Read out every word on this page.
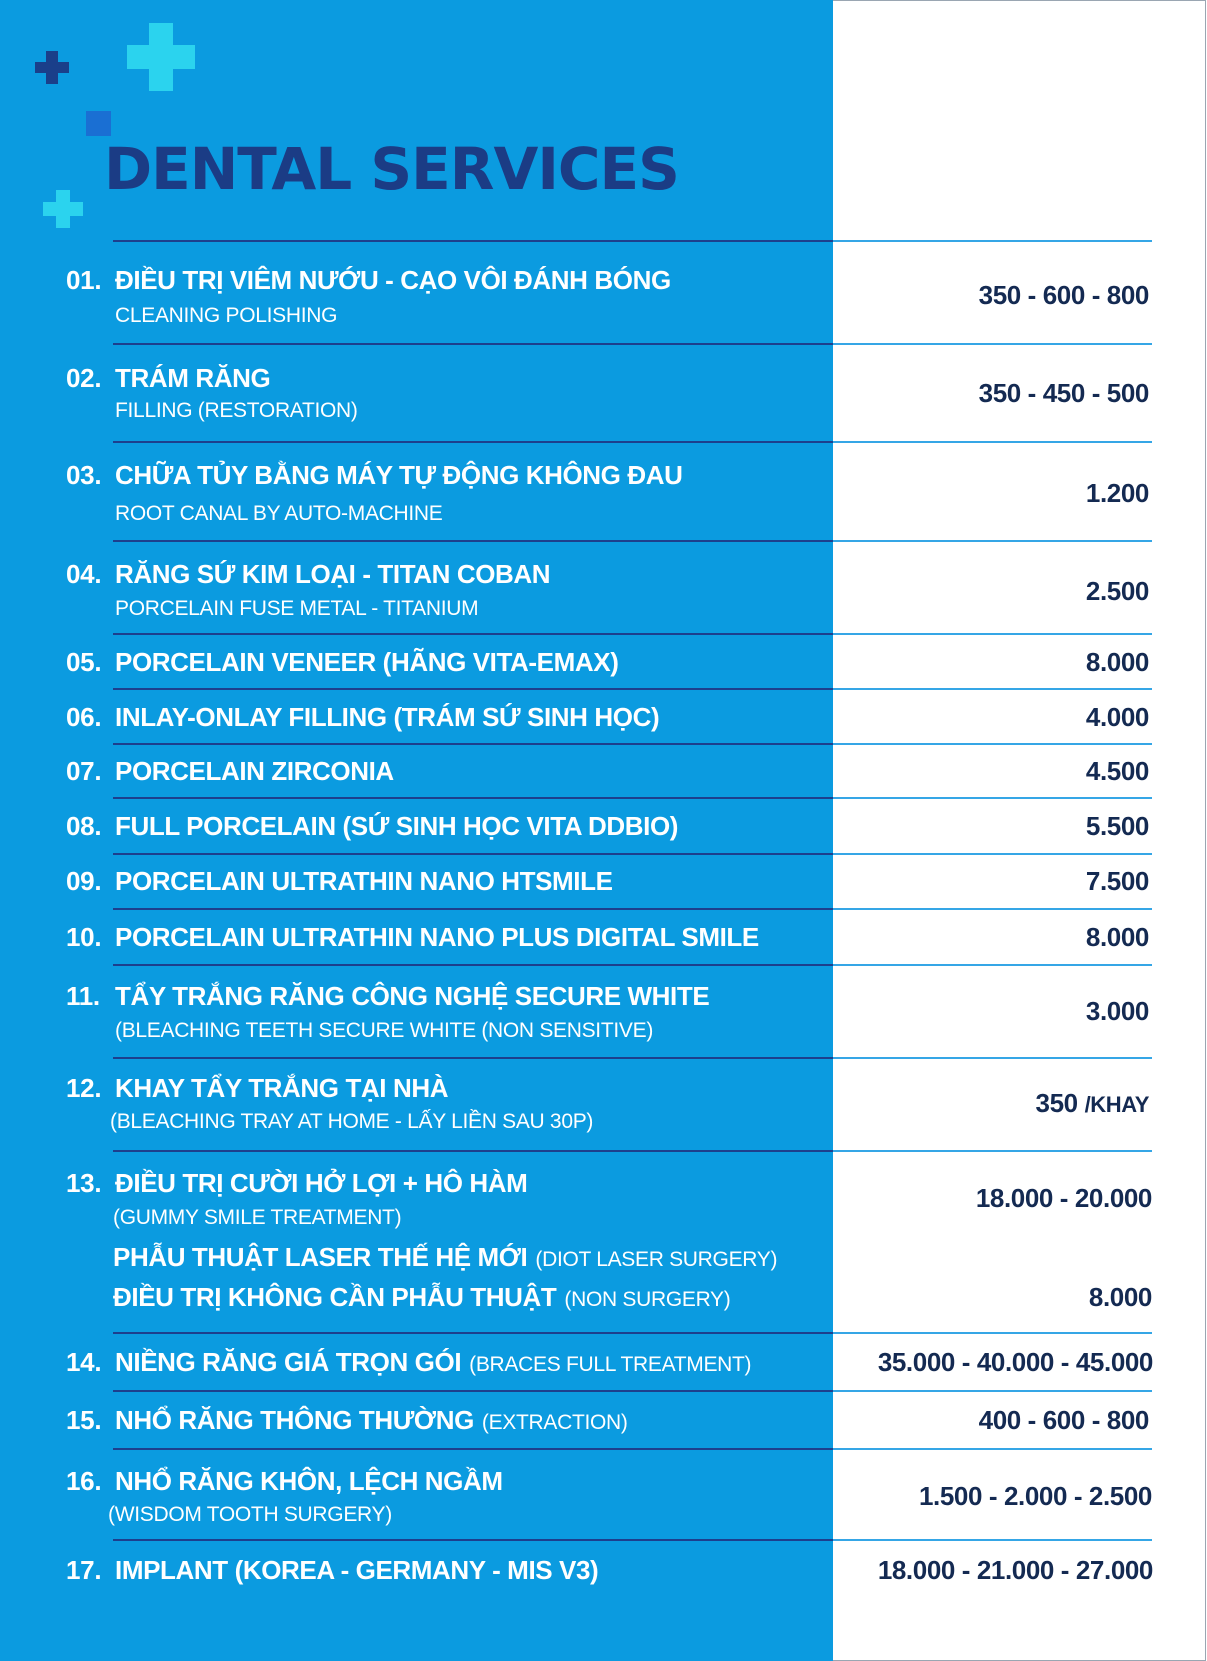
DENTAL SERVICES
01. ĐIỀU TRỊ VIÊM NƯỚU - CẠO VÔI ĐÁNH BÓNG
CLEANING POLISHING
350 - 600 - 800
02. TRÁM RĂNG
FILLING (RESTORATION)
350 - 450 - 500
03. CHỮA TỦY BẰNG MÁY TỰ ĐỘNG KHÔNG ĐAU
ROOT CANAL BY AUTO-MACHINE
1.200
04. RĂNG SỨ KIM LOẠI - TITAN COBAN
PORCELAIN FUSE METAL - TITANIUM
2.500
05. PORCELAIN VENEER (HÃNG VITA-EMAX)	8.000
06. INLAY-ONLAY FILLING (TRÁM SỨ SINH HỌC)	4.000
07. PORCELAIN ZIRCONIA	4.500
08. FULL PORCELAIN (SỨ SINH HỌC VITA DDBIO)	5.500
09. PORCELAIN ULTRATHIN NANO HTSMILE	7.500
10. PORCELAIN ULTRATHIN NANO PLUS DIGITAL SMILE	8.000
11. TẨY TRẮNG RĂNG CÔNG NGHỆ SECURE WHITE
(BLEACHING TEETH SECURE WHITE (NON SENSITIVE)
3.000
12. KHAY TẨY TRẮNG TẠI NHÀ
(BLEACHING TRAY AT HOME - LẤY LIỀN SAU 30P)
350 /KHAY
13. ĐIỀU TRỊ CƯỜI HỞ LỢI + HÔ HÀM
(GUMMY SMILE TREATMENT)
18.000 - 20.000
PHẪU THUẬT LASER THẾ HỆ MỚI (DIOT LASER SURGERY)
ĐIỀU TRỊ KHÔNG CẦN PHẪU THUẬT (NON SURGERY)	8.000
14. NIỀNG RĂNG GIÁ TRỌN GÓI (BRACES FULL TREATMENT)	35.000 - 40.000 - 45.000
15. NHỔ RĂNG THÔNG THƯỜNG (EXTRACTION)	400 - 600 - 800
16. NHỔ RĂNG KHÔN, LỆCH NGẦM
(WISDOM TOOTH SURGERY)
1.500 - 2.000 - 2.500
17. IMPLANT (KOREA - GERMANY - MIS V3)	18.000 - 21.000 - 27.000
